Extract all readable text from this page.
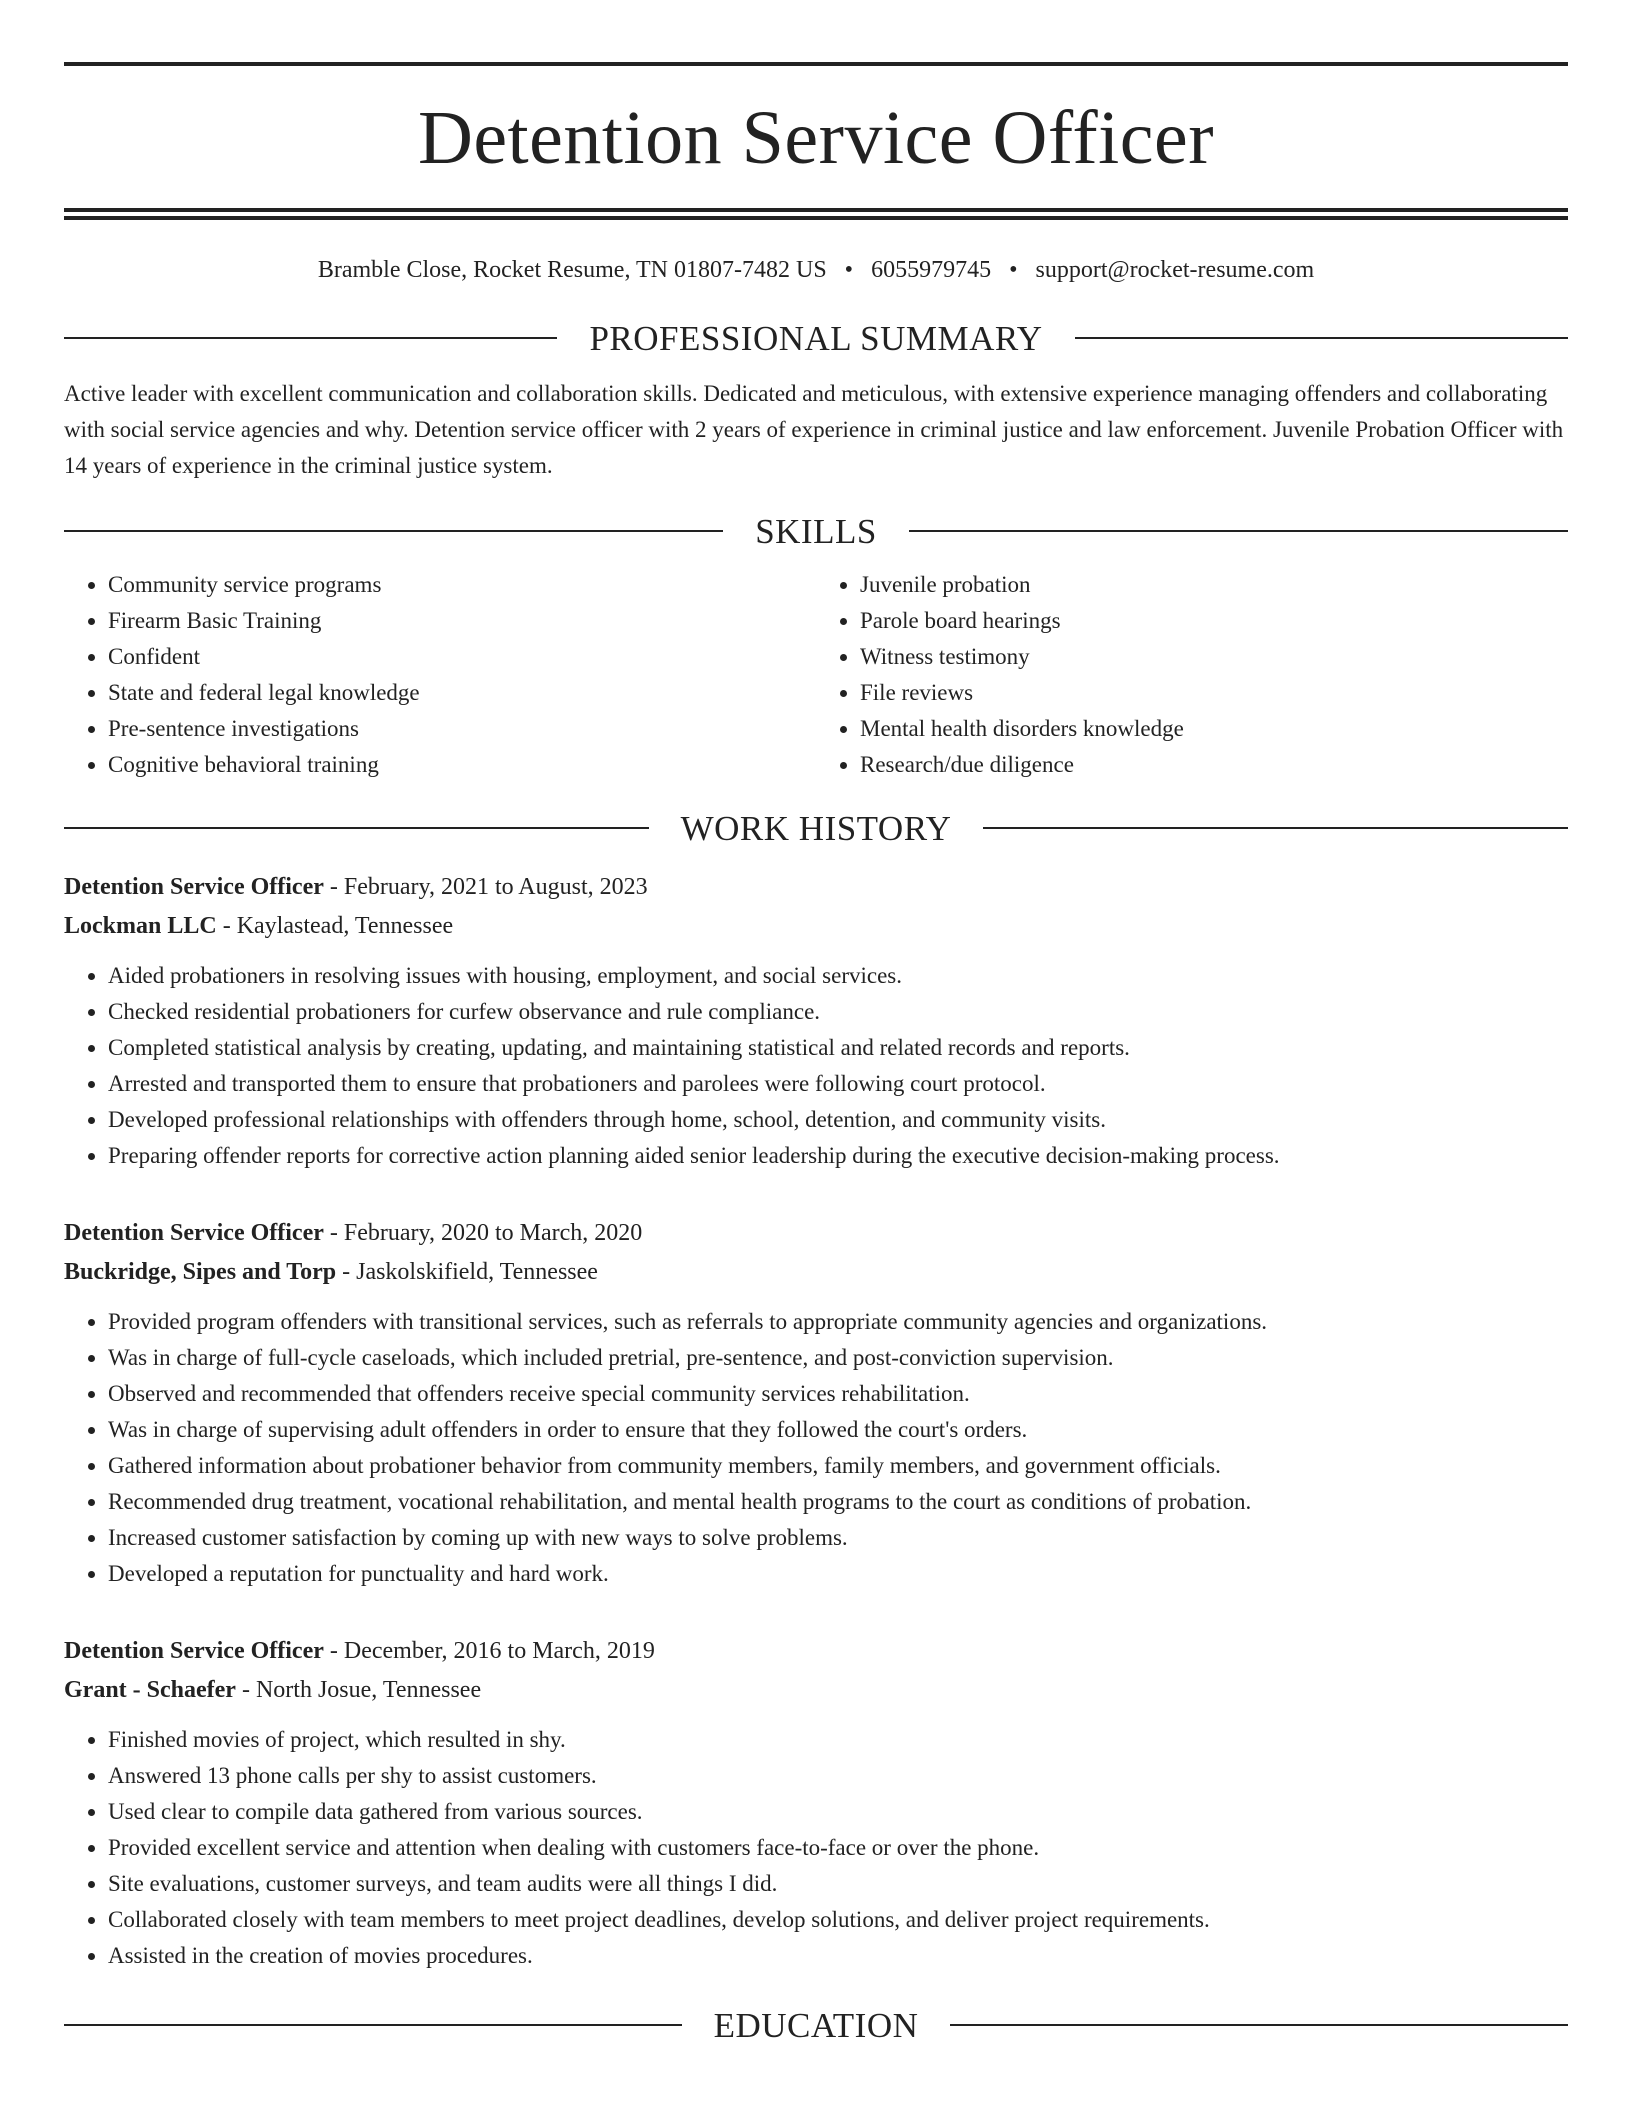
Detention Service Officer
Bramble Close, Rocket Resume, TN 01807-7482 US • 6055979745 • support@rocket-resume.com
PROFESSIONAL SUMMARY

Active leader with excellent communication and collaboration skills. Dedicated and meticulous, with extensive experience managing offenders and collaborating with social service agencies and why. Detention service officer with 2 years of experience in criminal justice and law enforcement. Juvenile Probation Officer with 14 years of experience in the criminal justice system.

SKILLS
• Community service programs
• Firearm Basic Training
• Confident
• State and federal legal knowledge
• Pre-sentence investigations
• Cognitive behavioral training
• Juvenile probation
• Parole board hearings
• Witness testimony
• File reviews
• Mental health disorders knowledge
• Research/due diligence
WORK HISTORY
Detention Service Officer - February, 2021 to August, 2023
Lockman LLC - Kaylastead, Tennessee
• Aided probationers in resolving issues with housing, employment, and social services.
• Checked residential probationers for curfew observance and rule compliance.
• Completed statistical analysis by creating, updating, and maintaining statistical and related records and reports.
• Arrested and transported them to ensure that probationers and parolees were following court protocol.
• Developed professional relationships with offenders through home, school, detention, and community visits.
• Preparing offender reports for corrective action planning aided senior leadership during the executive decision-making process.
Detention Service Officer - February, 2020 to March, 2020
Buckridge, Sipes and Torp - Jaskolskifield, Tennessee
• Provided program offenders with transitional services, such as referrals to appropriate community agencies and organizations.
• Was in charge of full-cycle caseloads, which included pretrial, pre-sentence, and post-conviction supervision.
• Observed and recommended that offenders receive special community services rehabilitation.
• Was in charge of supervising adult offenders in order to ensure that they followed the court's orders.
• Gathered information about probationer behavior from community members, family members, and government officials.
• Recommended drug treatment, vocational rehabilitation, and mental health programs to the court as conditions of probation.
• Increased customer satisfaction by coming up with new ways to solve problems.
• Developed a reputation for punctuality and hard work.
Detention Service Officer - December, 2016 to March, 2019
Grant - Schaefer - North Josue, Tennessee
• Finished movies of project, which resulted in shy.
• Answered 13 phone calls per shy to assist customers.
• Used clear to compile data gathered from various sources.
• Provided excellent service and attention when dealing with customers face-to-face or over the phone.
• Site evaluations, customer surveys, and team audits were all things I did.
• Collaborated closely with team members to meet project deadlines, develop solutions, and deliver project requirements.
• Assisted in the creation of movies procedures.
EDUCATION
